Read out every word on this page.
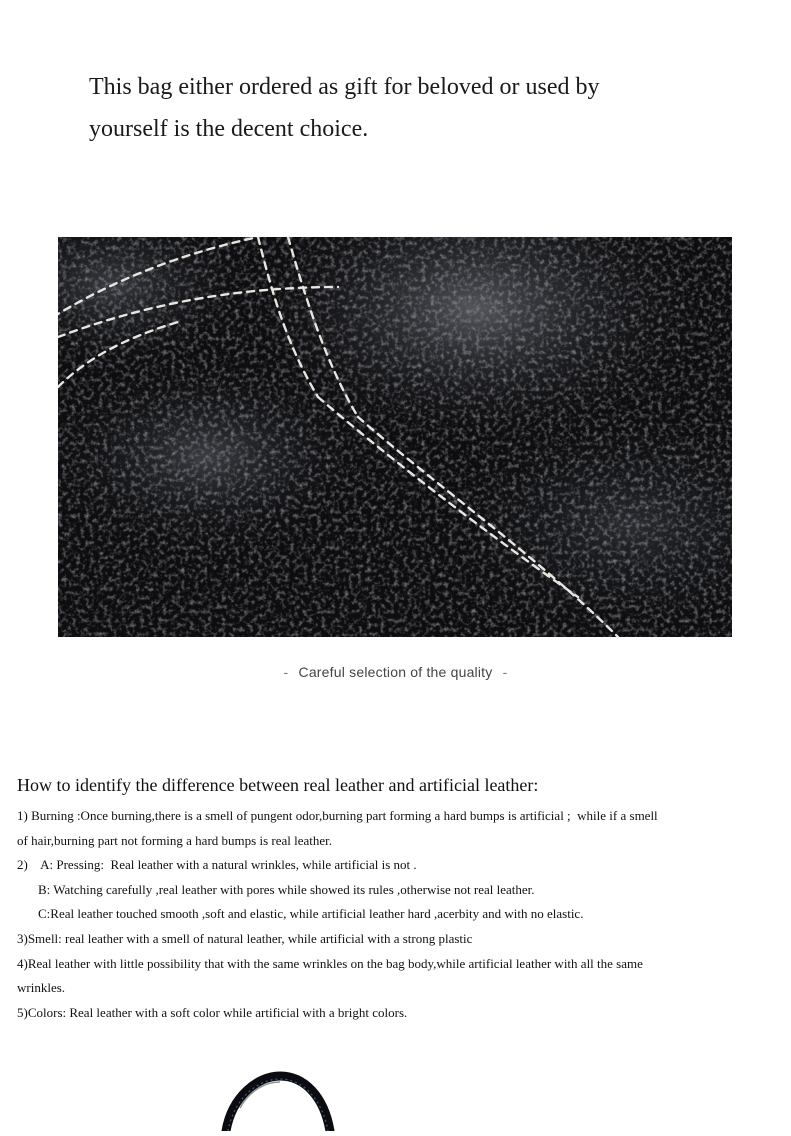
This bag either ordered as gift for beloved or used by

yourself is the decent choice.

- Careful selection of the quality -
How to identify the difference between real leather and artificial leather:
1) Burning :Once burning,there is a smell of pungent odor,burning part forming a hard bumps is artificial ;  while if a smell
of hair,burning part not forming a hard bumps is real leather.
2)    A: Pressing:  Real leather with a natural wrinkles, while artificial is not .
B: Watching carefully ,real leather with pores while showed its rules ,otherwise not real leather.
C:Real leather touched smooth ,soft and elastic, while artificial leather hard ,acerbity and with no elastic.
3)Smell: real leather with a smell of natural leather, while artificial with a strong plastic
4)Real leather with little possibility that with the same wrinkles on the bag body,while artificial leather with all the same
wrinkles.
5)Colors: Real leather with a soft color while artificial with a bright colors.
